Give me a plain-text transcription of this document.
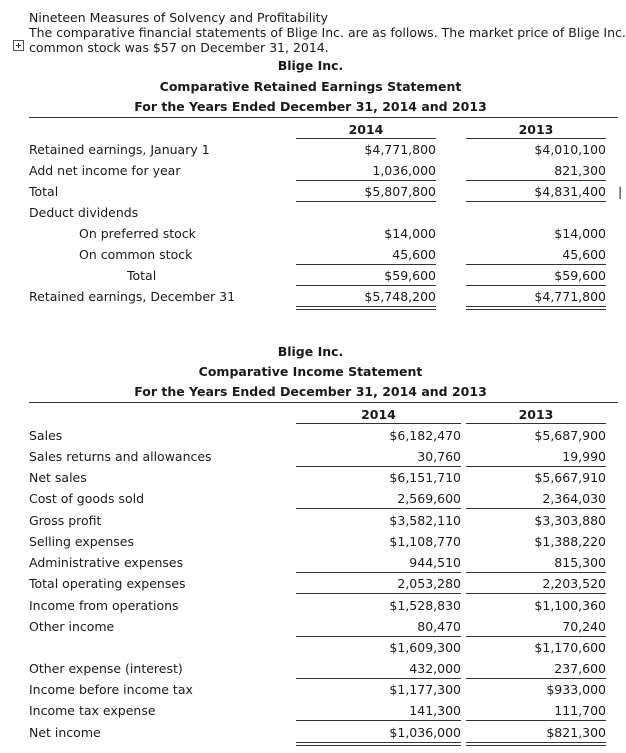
Nineteen Measures of Solvency and Profitability
The comparative financial statements of Blige Inc. are as follows. The market price of Blige Inc.
common stock was $57 on December 31, 2014.
Blige Inc.
Comparative Retained Earnings Statement
For the Years Ended December 31, 2014 and 2013
2014	2013
Retained earnings, January 1	$4,771,800	$4,010,100
Add net income for year	1,036,000	821,300
Total	$5,807,800	$4,831,400 |
Deduct dividends
On preferred stock	$14,000	$14,000
On common stock	45,600	45,600
Total	$59,600	$59,600
Retained earnings, December 31	$5,748,200	$4,771,800
Blige Inc.
Comparative Income Statement
For the Years Ended December 31, 2014 and 2013
2014	2013
Sales	$6,182,470	$5,687,900
Sales returns and allowances	30,760	19,990
Net sales	$6,151,710	$5,667,910
Cost of goods sold	2,569,600	2,364,030
Gross profit	$3,582,110	$3,303,880
Selling expenses	$1,108,770	$1,388,220
Administrative expenses	944,510	815,300
Total operating expenses	2,053,280	2,203,520
Income from operations	$1,528,830	$1,100,360
Other income	80,470	70,240
$1,609,300	$1,170,600
Other expense (interest)	432,000	237,600
Income before income tax	$1,177,300	$933,000
Income tax expense	141,300	111,700
Net income	$1,036,000	$821,300
